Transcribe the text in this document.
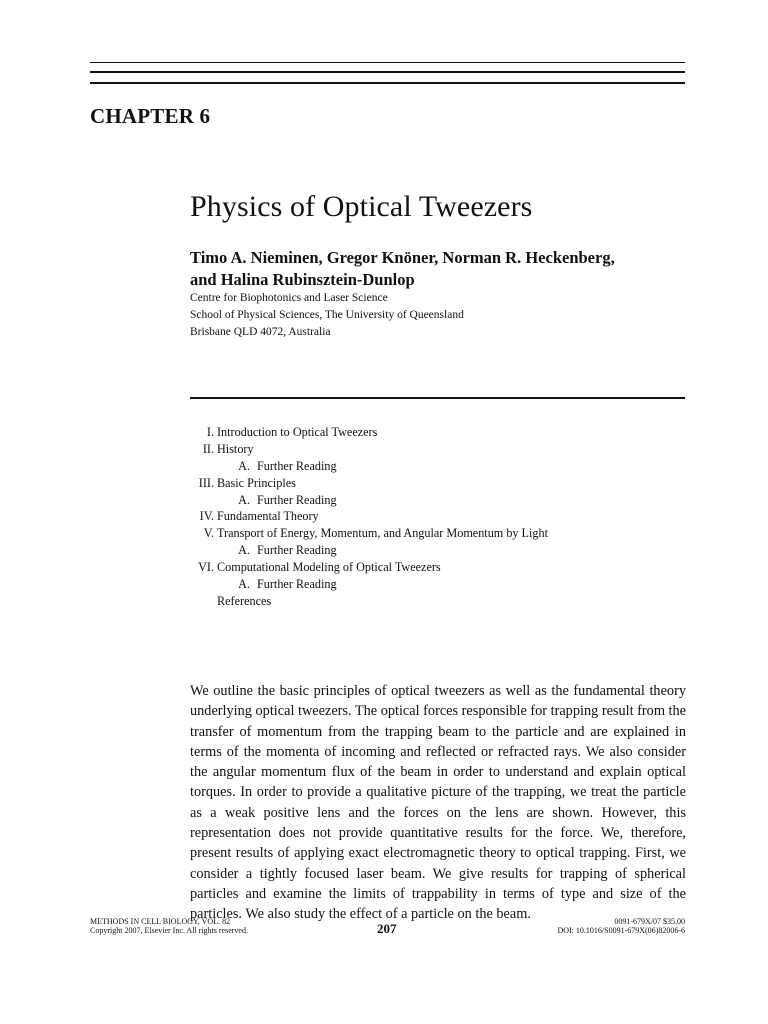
CHAPTER 6
Physics of Optical Tweezers
Timo A. Nieminen, Gregor Knöner, Norman R. Heckenberg,
and Halina Rubinsztein-Dunlop
Centre for Biophotonics and Laser Science
School of Physical Sciences, The University of Queensland
Brisbane QLD 4072, Australia
I. Introduction to Optical Tweezers
II. History
A. Further Reading
III. Basic Principles
A. Further Reading
IV. Fundamental Theory
V. Transport of Energy, Momentum, and Angular Momentum by Light
A. Further Reading
VI. Computational Modeling of Optical Tweezers
A. Further Reading
References

We outline the basic principles of optical tweezers as well as the fundamental theory underlying optical tweezers. The optical forces responsible for trapping result from the transfer of momentum from the trapping beam to the particle and are explained in terms of the momenta of incoming and reflected or refracted rays. We also consider the angular momentum flux of the beam in order to understand and explain optical torques. In order to provide a qualitative picture of the trapping, we treat the particle as a weak positive lens and the forces on the lens are shown. However, this representation does not provide quantitative results for the force. We, therefore, present results of applying exact electromagnetic theory to optical trapping. First, we consider a tightly focused laser beam. We give results for trapping of spherical particles and examine the limits of trappability in terms of type and size of the particles. We also study the effect of a particle on the beam.

METHODS IN CELL BIOLOGY, VOL. 82
Copyright 2007, Elsevier Inc. All rights reserved.	207	0091-679X/07 $35.00
DOI: 10.1016/S0091-679X(06)82006-6
